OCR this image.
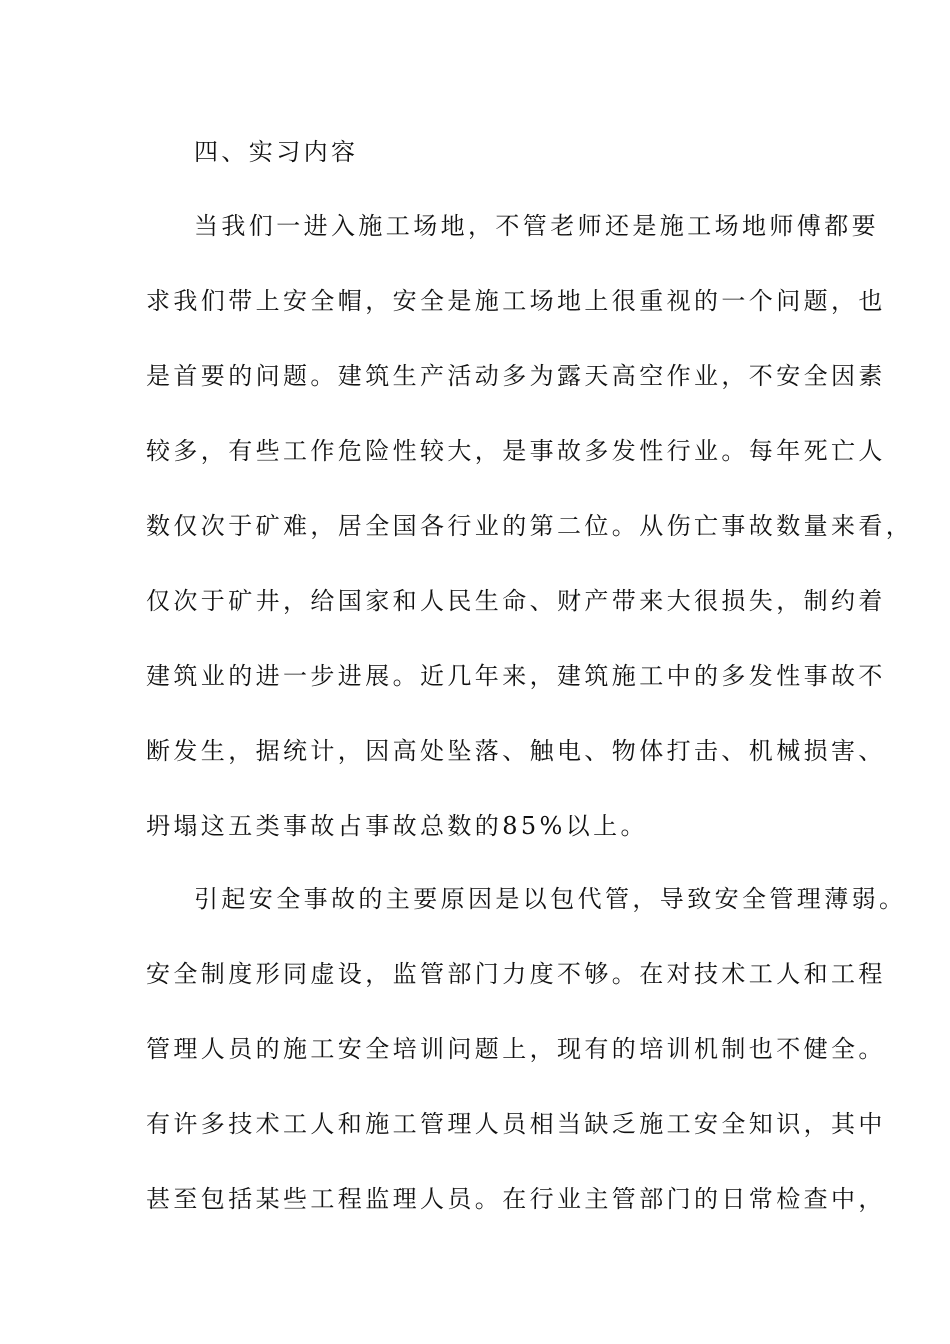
四、实习内容
当我们一进入施工场地，不管老师还是施工场地师傅都要
求我们带上安全帽，安全是施工场地上很重视的一个问题，也
是首要的问题。建筑生产活动多为露天高空作业，不安全因素
较多，有些工作危险性较大，是事故多发性行业。每年死亡人
数仅次于矿难，居全国各行业的第二位。从伤亡事故数量来看，
仅次于矿井，给国家和人民生命、财产带来大很损失，制约着
建筑业的进一步进展。近几年来，建筑施工中的多发性事故不
断发生，据统计，因高处坠落、触电、物体打击、机械损害、
坍塌这五类事故占事故总数的85%以上。
引起安全事故的主要原因是以包代管，导致安全管理薄弱。
安全制度形同虚设，监管部门力度不够。在对技术工人和工程
管理人员的施工安全培训问题上，现有的培训机制也不健全。
有许多技术工人和施工管理人员相当缺乏施工安全知识，其中
甚至包括某些工程监理人员。在行业主管部门的日常检查中，
